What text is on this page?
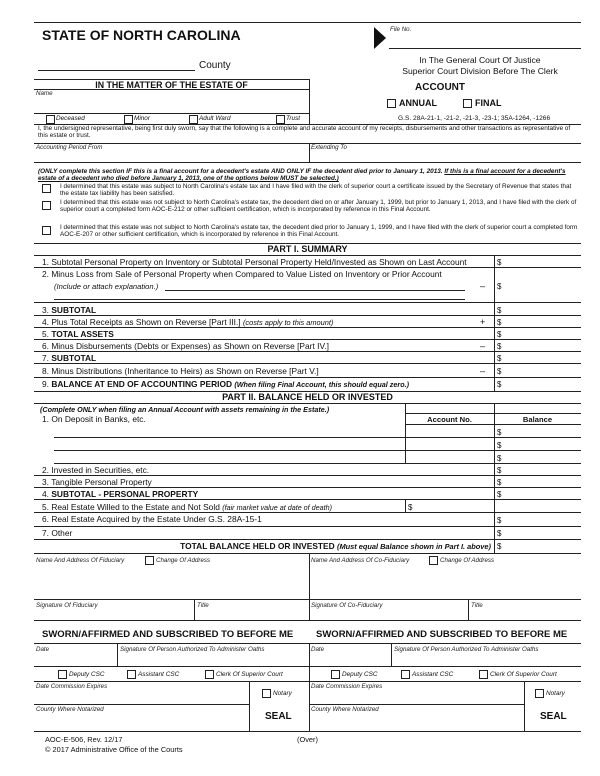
STATE OF NORTH CAROLINA	File No.
County	In The General Court Of Justice
Superior Court Division Before The Clerk
IN THE MATTER OF THE ESTATE OF
Name
ACCOUNT
ANNUAL	FINAL
Deceased	Minor	Adult Ward	Trust	G.S. 28A-21-1, -21-2, -21-3, -23-1; 35A-1264, -1266
I, the undersigned representative, being first duly sworn, say that the following is a complete and accurate account of my receipts, disbursements and other transactions as representative of this estate or trust.
Accounting Period From	Extending To
(ONLY complete this section IF this is a final account for a decedent's estate AND ONLY IF the decedent died prior to January 1, 2013. If this is a final account for a decedent's estate of a decedent who died before January 1, 2013, one of the options below MUST be selected.)
I determined that this estate was subject to North Carolina's estate tax and I have filed with the clerk of superior court a certificate issued by the Secretary of Revenue that states that the estate tax liability has been satisfied.
I determined that this estate was not subject to North Carolina's estate tax, the decedent died on or after January 1, 1999, but prior to January 1, 2013, and I have filed with the clerk of superior court a completed form AOC-E-212 or other sufficient certification, which is incorporated by reference in this Final Account.
I determined that this estate was not subject to North Carolina's estate tax, the decedent died prior to January 1, 1999, and I have filed with the clerk of superior court a completed form AOC-E-207 or other sufficient certification, which is incorporated by reference in this Final Account.
PART I. SUMMARY
1. Subtotal Personal Property on Inventory or Subtotal Personal Property Held/Invested as Shown on Last Account	$
2. Minus Loss from Sale of Personal Property when Compared to Value Listed on Inventory or Prior Account
(Include or attach explanation.)	– $
3. SUBTOTAL	$
4. Plus Total Receipts as Shown on Reverse [Part III.] (costs apply to this amount)	+ $
5. TOTAL ASSETS	$
6. Minus Disbursements (Debts or Expenses) as Shown on Reverse [Part IV.]	– $
7. SUBTOTAL	$
8. Minus Distributions (Inheritance to Heirs) as Shown on Reverse [Part V.]	– $
9. BALANCE AT END OF ACCOUNTING PERIOD (When filing Final Account, this should equal zero.)	$
PART II. BALANCE HELD OR INVESTED
(Complete ONLY when filing an Annual Account with assets remaining in the Estate.)
Account No.	Balance
1. On Deposit in Banks, etc.
$
$
$
2. Invested in Securities, etc.	$
3. Tangible Personal Property	$
4. SUBTOTAL - PERSONAL PROPERTY	$
5. Real Estate Willed to the Estate and Not Sold (fair market value at date of death)	$
6. Real Estate Acquired by the Estate Under G.S. 28A-15-1	$
7. Other	$
TOTAL BALANCE HELD OR INVESTED (Must equal Balance shown in Part I. above) $
Name And Address Of Fiduciary	Change Of Address	Name And Address Of Co-Fiduciary	Change Of Address
Signature Of Fiduciary	Title	Signature Of Co-Fiduciary	Title
SWORN/AFFIRMED AND SUBSCRIBED TO BEFORE ME SWORN/AFFIRMED AND SUBSCRIBED TO BEFORE ME
Date	Signature Of Person Authorized To Administer Oaths
Deputy CSC	Assistant CSC	Clerk Of Superior Court
Date Commission Expires
Notary
County Where Notarized
SEAL
Date	Signature Of Person Authorized To Administer Oaths
Deputy CSC	Assistant CSC	Clerk Of Superior Court
Date Commission Expires
Notary
County Where Notarized
SEAL
AOC-E-506, Rev. 12/17
© 2017 Administrative Office of the Courts
(Over)
